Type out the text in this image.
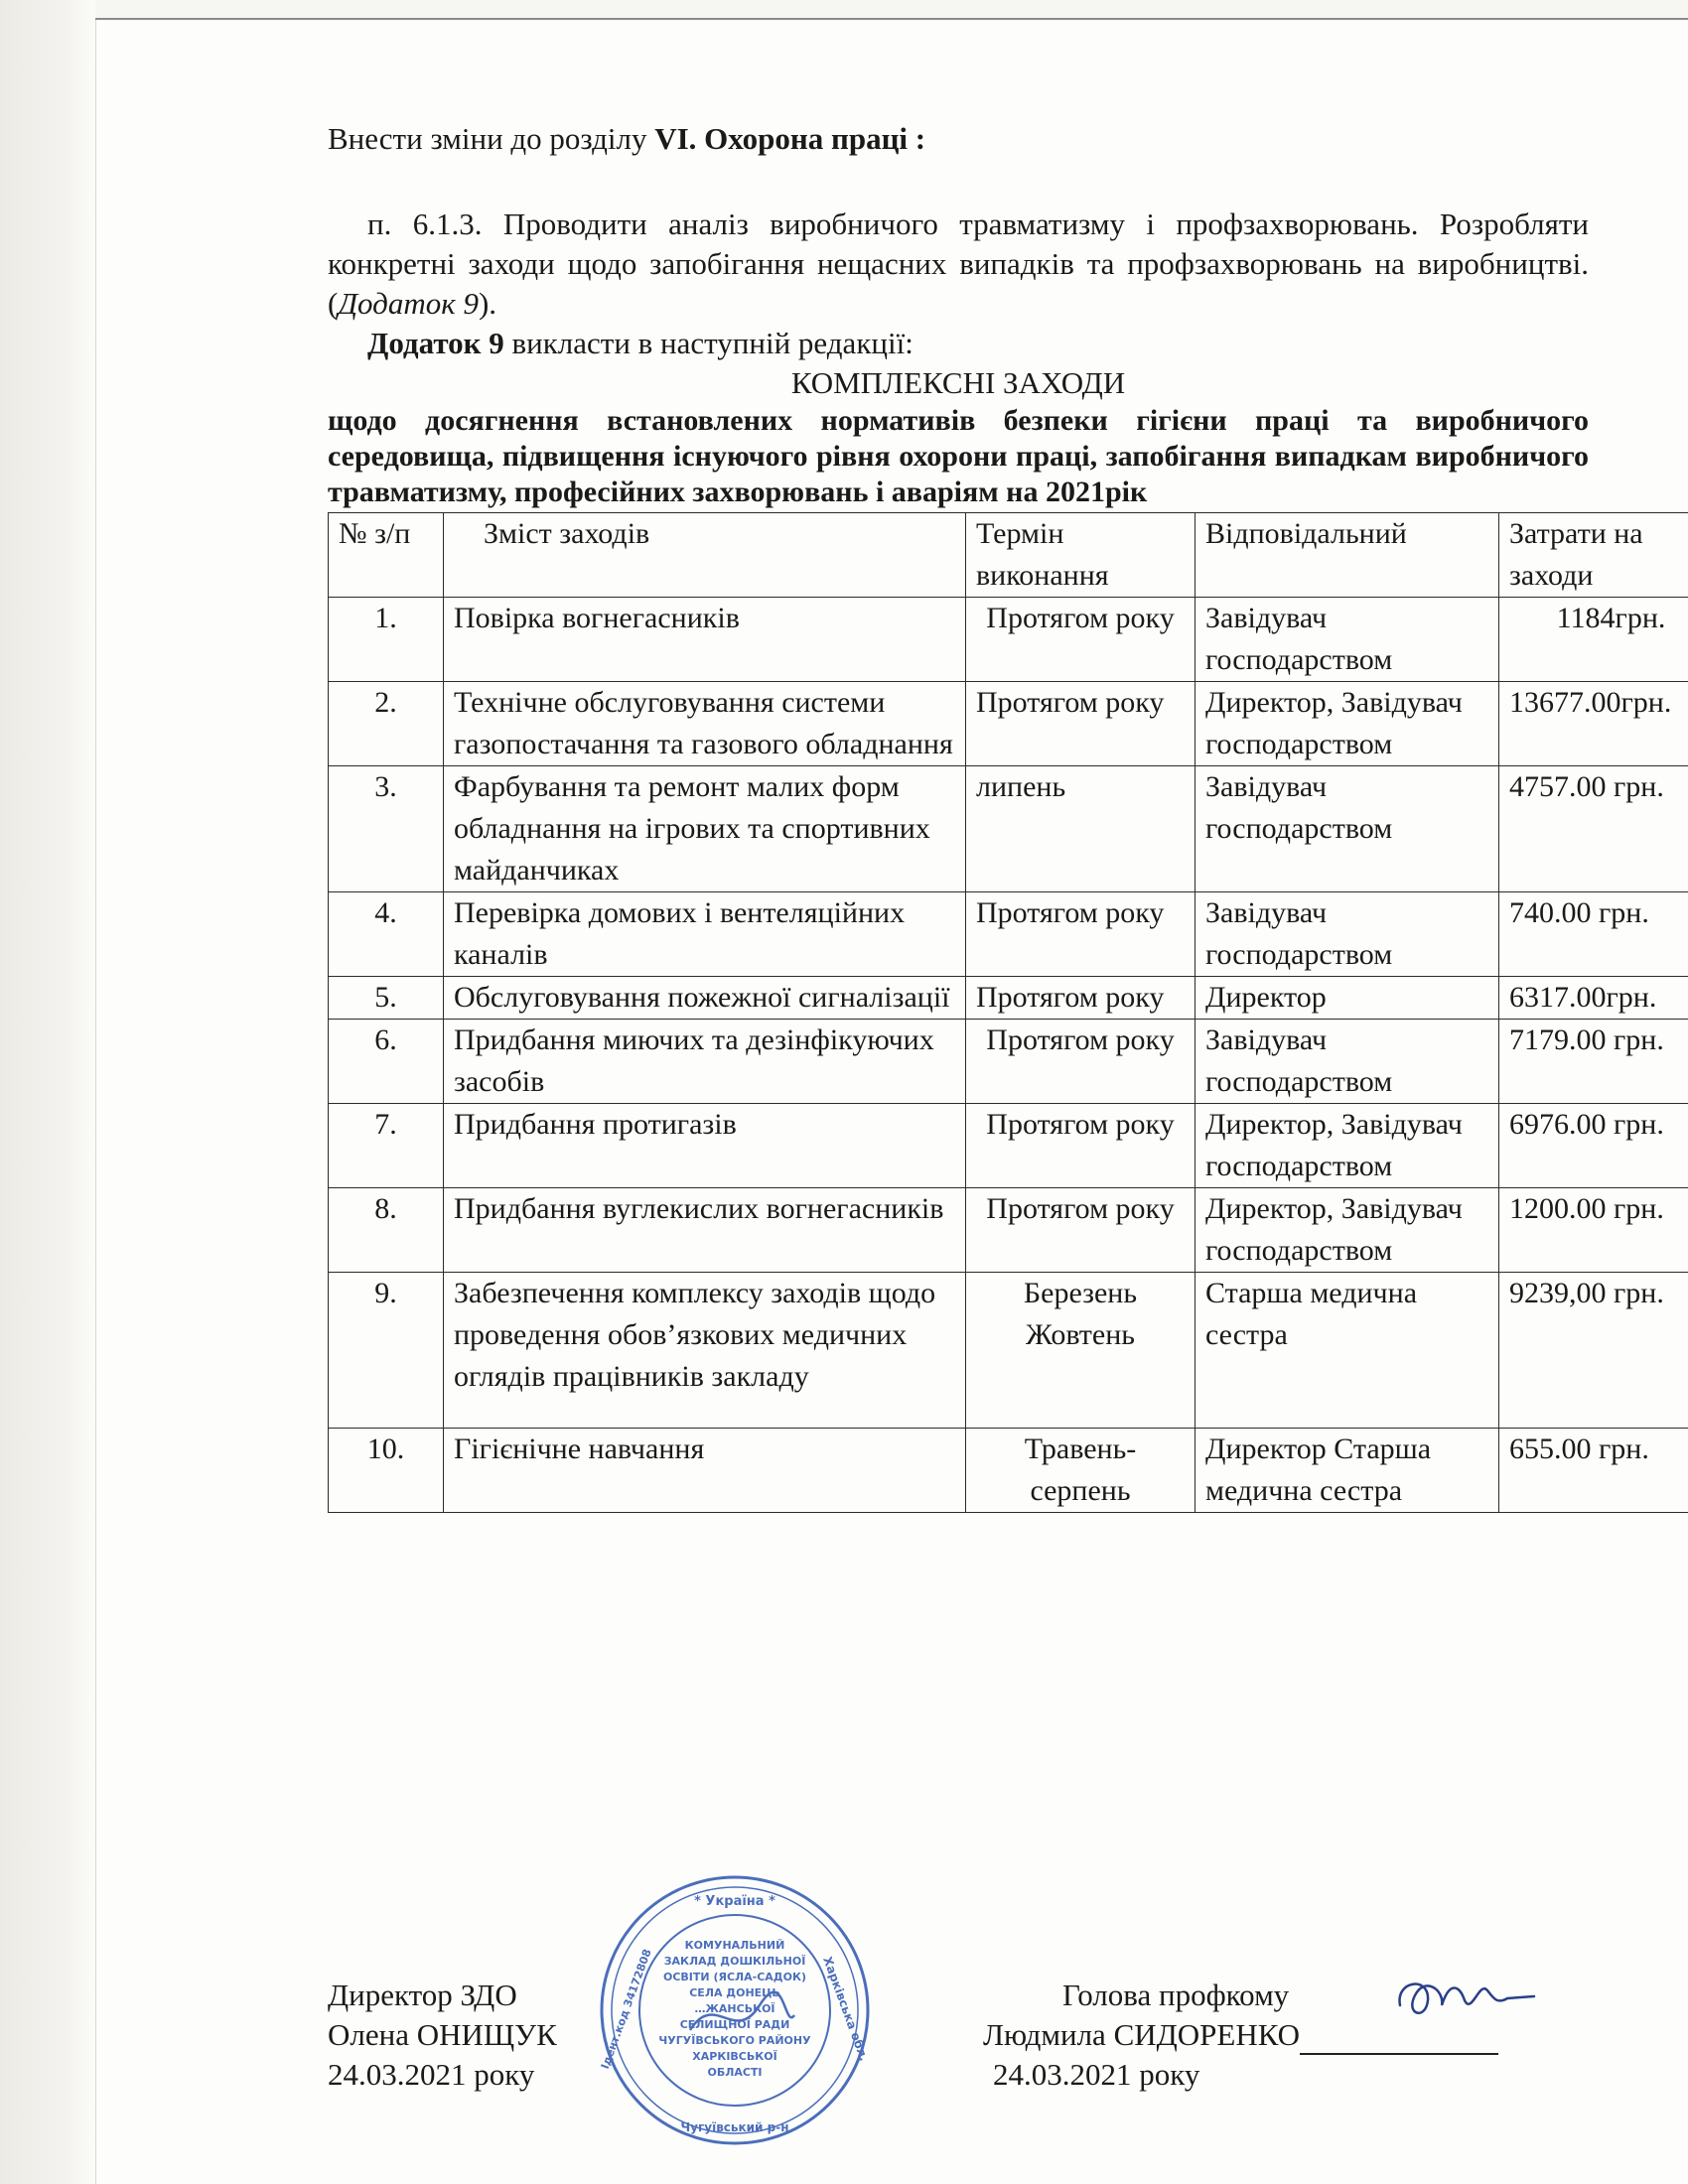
Внести зміни до розділу VI. Охорона праці :

п. 6.1.3. Проводити аналіз виробничого травматизму і профзахворювань. Розробляти конкретні заходи щодо запобігання нещасних випадків та профзахворювань на виробництві. (Додаток 9).

Додаток 9 викласти в наступній редакції:

КОМПЛЕКСНІ ЗАХОДИ

щодо досягнення встановлених нормативів безпеки гігієни праці та виробничого середовища, підвищення існуючого рівня охорони праці, запобігання випадкам виробничого травматизму, професійних захворювань і аваріям на 2021рік

№ з/п	Зміст заходів	Термін виконання	Відповідальний	Затрати на заходи
1.	Повірка вогнегасників	Протягом року	Завідувач господарством	1184грн.
2.	Технічне обслуговування системи газопостачання та газового обладнання	Протягом року	Директор, Завідувач господарством	13677.00грн.
3.	Фарбування та ремонт малих форм обладнання на ігрових та спортивних майданчиках	липень	Завідувач господарством	4757.00 грн.
4.	Перевірка домових і вентеляційних каналів	Протягом року	Завідувач господарством	740.00 грн.
5.	Обслуговування пожежної сигналізації	Протягом року	Директор	6317.00грн.
6.	Придбання миючих та дезінфікуючих засобів	Протягом року	Завідувач господарством	7179.00 грн.
7.	Придбання протигазів	Протягом року	Директор, Завідувач господарством	6976.00 грн.
8.	Придбання вуглекислих вогнегасників	Протягом року	Директор, Завідувач господарством	1200.00 грн.
9.	Забезпечення комплексу заходів щодо проведення обов’язкових медичних оглядів працівників закладу	Березень Жовтень	Старша медична сестра	9239,00 грн.
10.	Гігієнічне навчання	Травень-серпень	Директор Старша медична сестра	655.00 грн.
Директор ЗДО
Олена ОНИЩУК
24.03.2021 року
Голова профкому
Людмила СИДОРЕНКО
24.03.2021 року
КОМУНАЛЬНИЙ
ЗАКЛАД ДОШКІЛЬНОЇ
ОСВІТИ (ЯСЛА-САДОК)
СЕЛА ДОНЕЦЬ
…ЖАНСЬКОЇ
СЕЛИЩНОЇ РАДИ
ЧУГУЇВСЬКОГО РАЙОНУ
ХАРКІВСЬКОЇ
ОБЛАСТІ
* Україна *
Чугуївський р-н
Ідент.код 34172808	Харківська обл.
